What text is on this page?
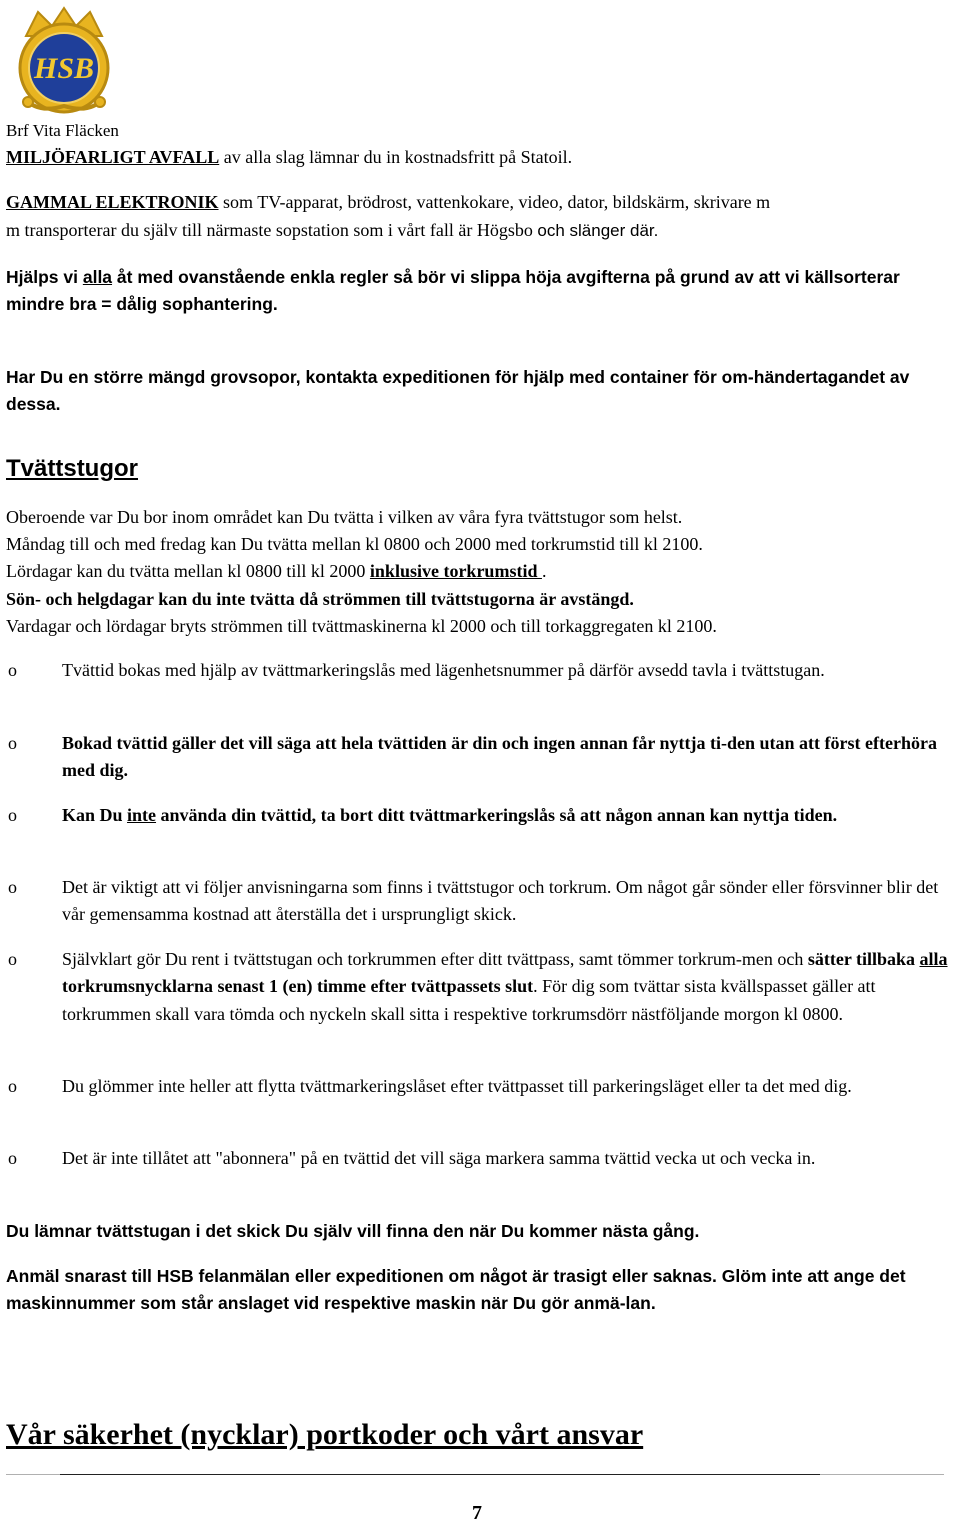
HSB
Brf Vita Fläcken
MILJÖFARLIGT AVFALL av alla slag lämnar du in kostnadsfritt på Statoil.
GAMMAL ELEKTRONIK som TV-apparat, brödrost, vattenkokare, video, dator, bildskärm, skrivare m
m transporterar du själv till närmaste sopstation som i vårt fall är Högsbo och slänger där.
Hjälps vi alla åt med ovanstående enkla regler så bör vi slippa höja avgifterna på grund av att vi källsorterar mindre bra = dålig sophantering.
Har Du en större mängd grovsopor, kontakta expeditionen för hjälp med container för om-händertagandet av dessa.
Tvättstugor
Oberoende var Du bor inom området kan Du tvätta i vilken av våra fyra tvättstugor som helst.
Måndag till och med fredag kan Du tvätta mellan kl 0800 och 2000 med torkrumstid till kl 2100.
Lördagar kan du tvätta mellan kl 0800 till kl 2000 inklusive torkrumstid .
Sön- och helgdagar kan du inte tvätta då strömmen till tvättstugorna är avstängd.
Vardagar och lördagar bryts strömmen till tvättmaskinerna kl 2000 och till torkaggregaten kl 2100.
o	Tvättid bokas med hjälp av tvättmarkeringslås med lägenhetsnummer på därför avsedd tavla i tvättstugan.
o	Bokad tvättid gäller det vill säga att hela tvättiden är din och ingen annan får nyttja ti-den utan att först efterhöra med dig.
o	Kan Du inte använda din tvättid, ta bort ditt tvättmarkeringslås så att någon annan kan nyttja tiden.
o	Det är viktigt att vi följer anvisningarna som finns i tvättstugor och torkrum. Om något går sönder eller försvinner blir det vår gemensamma kostnad att återställa det i ursprungligt skick.
o	Självklart gör Du rent i tvättstugan och torkrummen efter ditt tvättpass, samt tömmer torkrum-men och sätter tillbaka alla torkrumsnycklarna senast 1 (en) timme efter tvättpassets slut. För dig som tvättar sista kvällspasset gäller att torkrummen skall vara tömda och nyckeln skall sitta i respektive torkrumsdörr nästföljande morgon kl 0800.
o	Du glömmer inte heller att flytta tvättmarkeringslåset efter tvättpasset till parkeringsläget eller ta det med dig.
o	Det är inte tillåtet att "abonnera" på en tvättid det vill säga markera samma tvättid vecka ut och vecka in.
Du lämnar tvättstugan i det skick Du själv vill finna den när Du kommer nästa gång.
Anmäl snarast till HSB felanmälan eller expeditionen om något är trasigt eller saknas. Glöm inte att ange det maskinnummer som står anslaget vid respektive maskin när Du gör anmä-lan.
Vår säkerhet (nycklar) portkoder och vårt ansvar
7
